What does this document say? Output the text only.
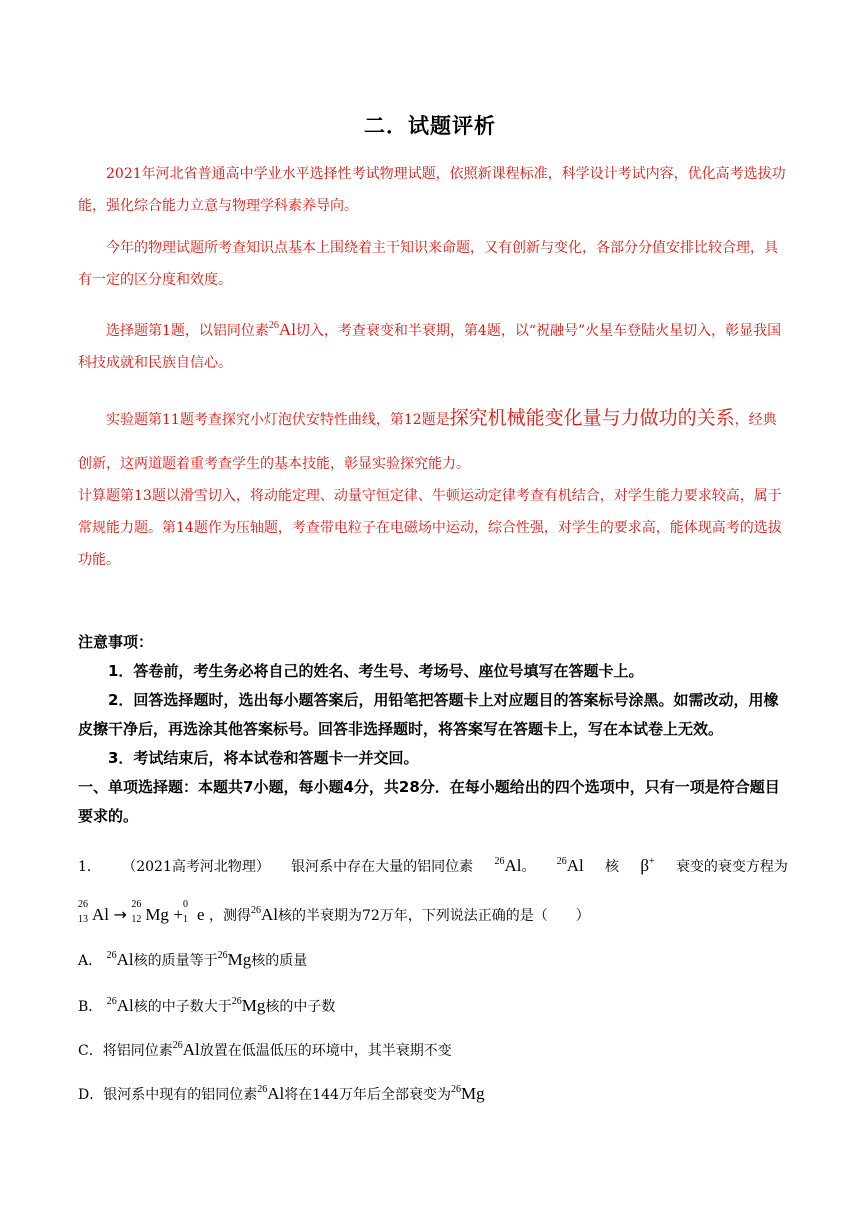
二．试题评析

2021年河北省普通高中学业水平选择性考试物理试题，依照新课程标准，科学设计考试内容，优化高考选拔功能，强化综合能力立意与物理学科素养导向。

今年的物理试题所考查知识点基本上围绕着主干知识来命题，又有创新与变化，各部分分值安排比较合理，具有一定的区分度和效度。

选择题第1题，以铝同位素$^{26}$Al切入，考查衰变和半衰期，第4题，以“祝融号”火星车登陆火星切入，彰显我国科技成就和民族自信心。

实验题第11题考查探究小灯泡伏安特性曲线，第12题是探究机械能变化量与力做功的关系，经典创新，这两道题着重考查学生的基本技能，彰显实验探究能力。

计算题第13题以滑雪切入，将动能定理、动量守恒定律、牛顿运动定律考查有机结合，对学生能力要求较高，属于常规能力题。第14题作为压轴题，考查带电粒子在电磁场中运动，综合性强，对学生的要求高，能体现高考的选拔功能。

注意事项：

1．答卷前，考生务必将自己的姓名、考生号、考场号、座位号填写在答题卡上。

2．回答选择题时，选出每小题答案后，用铅笔把答题卡上对应题目的答案标号涂黑。如需改动，用橡皮擦干净后，再选涂其他答案标号。回答非选择题时，将答案写在答题卡上，写在本试卷上无效。

3．考试结束后，将本试卷和答题卡一并交回。

一、单项选择题：本题共7小题，每小题4分，共28分．在每小题给出的四个选项中，只有一项是符合题目要求的。

1． （2021高考河北物理） 银河系中存在大量的铝同位素 $^{26}$Al。 $^{26}$Al 核 β+ 衰变的衰变方程为
26
13 Al →
26
12 Mg +
0
1 e ，测得$^{26}$Al核的半衰期为72万年，下列说法正确的是（　　）

A． $^{26}$Al核的质量等于$^{26}$Mg核的质量

B． $^{26}$Al核的中子数大于$^{26}$Mg核的中子数

C．将铝同位素$^{26}$Al放置在低温低压的环境中，其半衰期不变

D．银河系中现有的铝同位素$^{26}$Al将在144万年后全部衰变为$^{26}$Mg
